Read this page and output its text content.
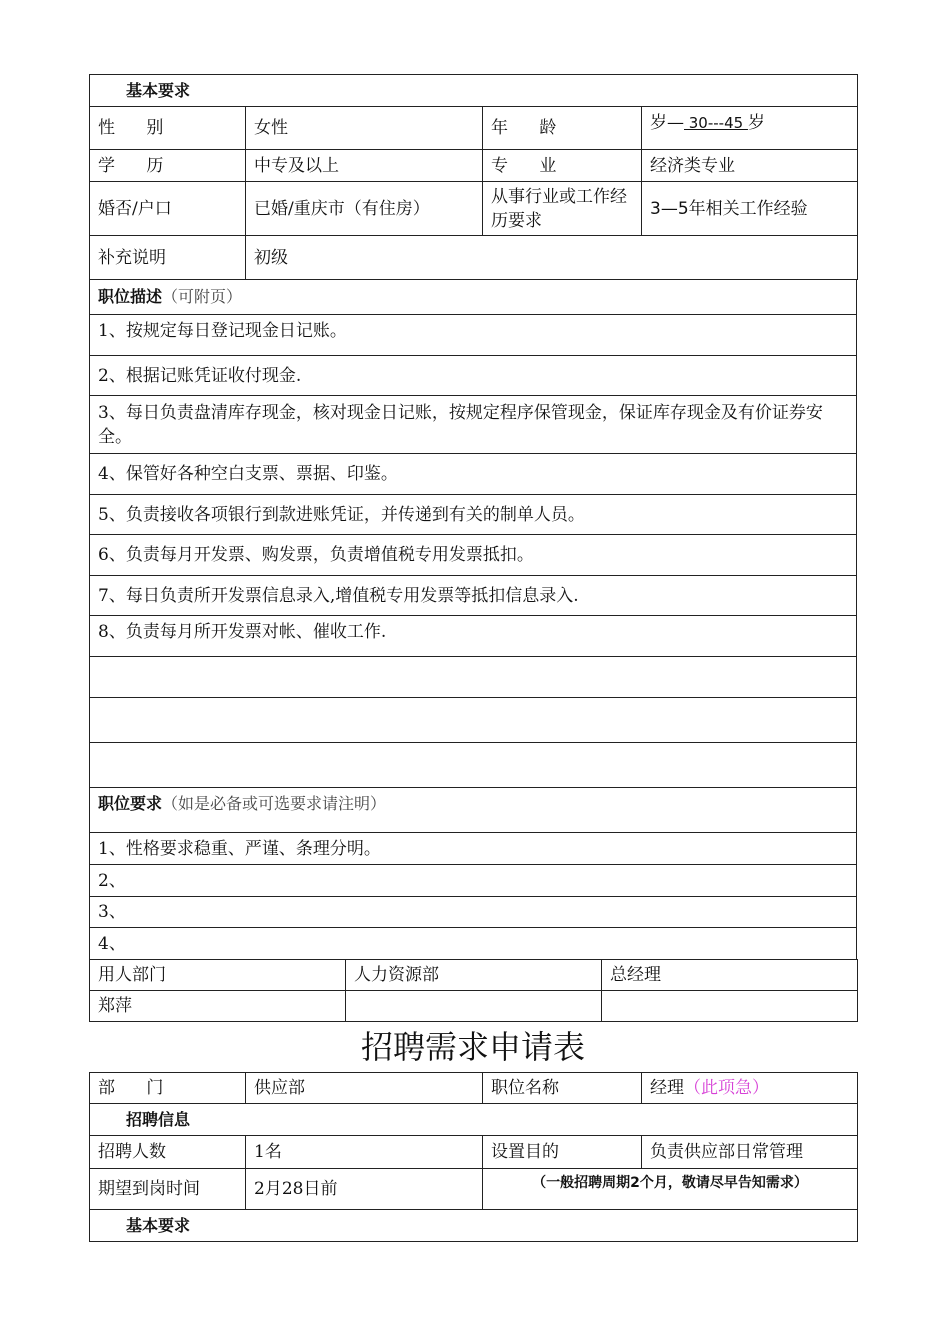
基本要求			
性 别	女性	年 龄	岁— 30---45 岁
学 历	中专及以上	专 业	经济类专业
婚否/户口	已婚/重庆市（有住房）	从事行业或工作经历要求	3—5年相关工作经验
补充说明	初级		
职位描述（可附页）
1、按规定每日登记现金日记账。
2、根据记账凭证收付现金.
3、每日负责盘清库存现金，核对现金日记账，按规定程序保管现金，保证库存现金及有价证券安全。
4、保管好各种空白支票、票据、印鉴。
5、负责接收各项银行到款进账凭证，并传递到有关的制单人员。
6、负责每月开发票、购发票，负责增值税专用发票抵扣。
7、每日负责所开发票信息录入,增值税专用发票等抵扣信息录入.
8、负责每月所开发票对帐、催收工作.

职位要求（如是必备或可选要求请注明）
1、性格要求稳重、严谨、条理分明。
2、
3、
4、
用人部门	人力资源部	总经理
郑萍		
招聘需求申请表
部 门	供应部	职位名称	经理（此项急）
招聘信息			
招聘人数	1名	设置目的	负责供应部日常管理
期望到岗时间	2月28日前	（一般招聘周期2个月，敬请尽早告知需求）	
基本要求			
